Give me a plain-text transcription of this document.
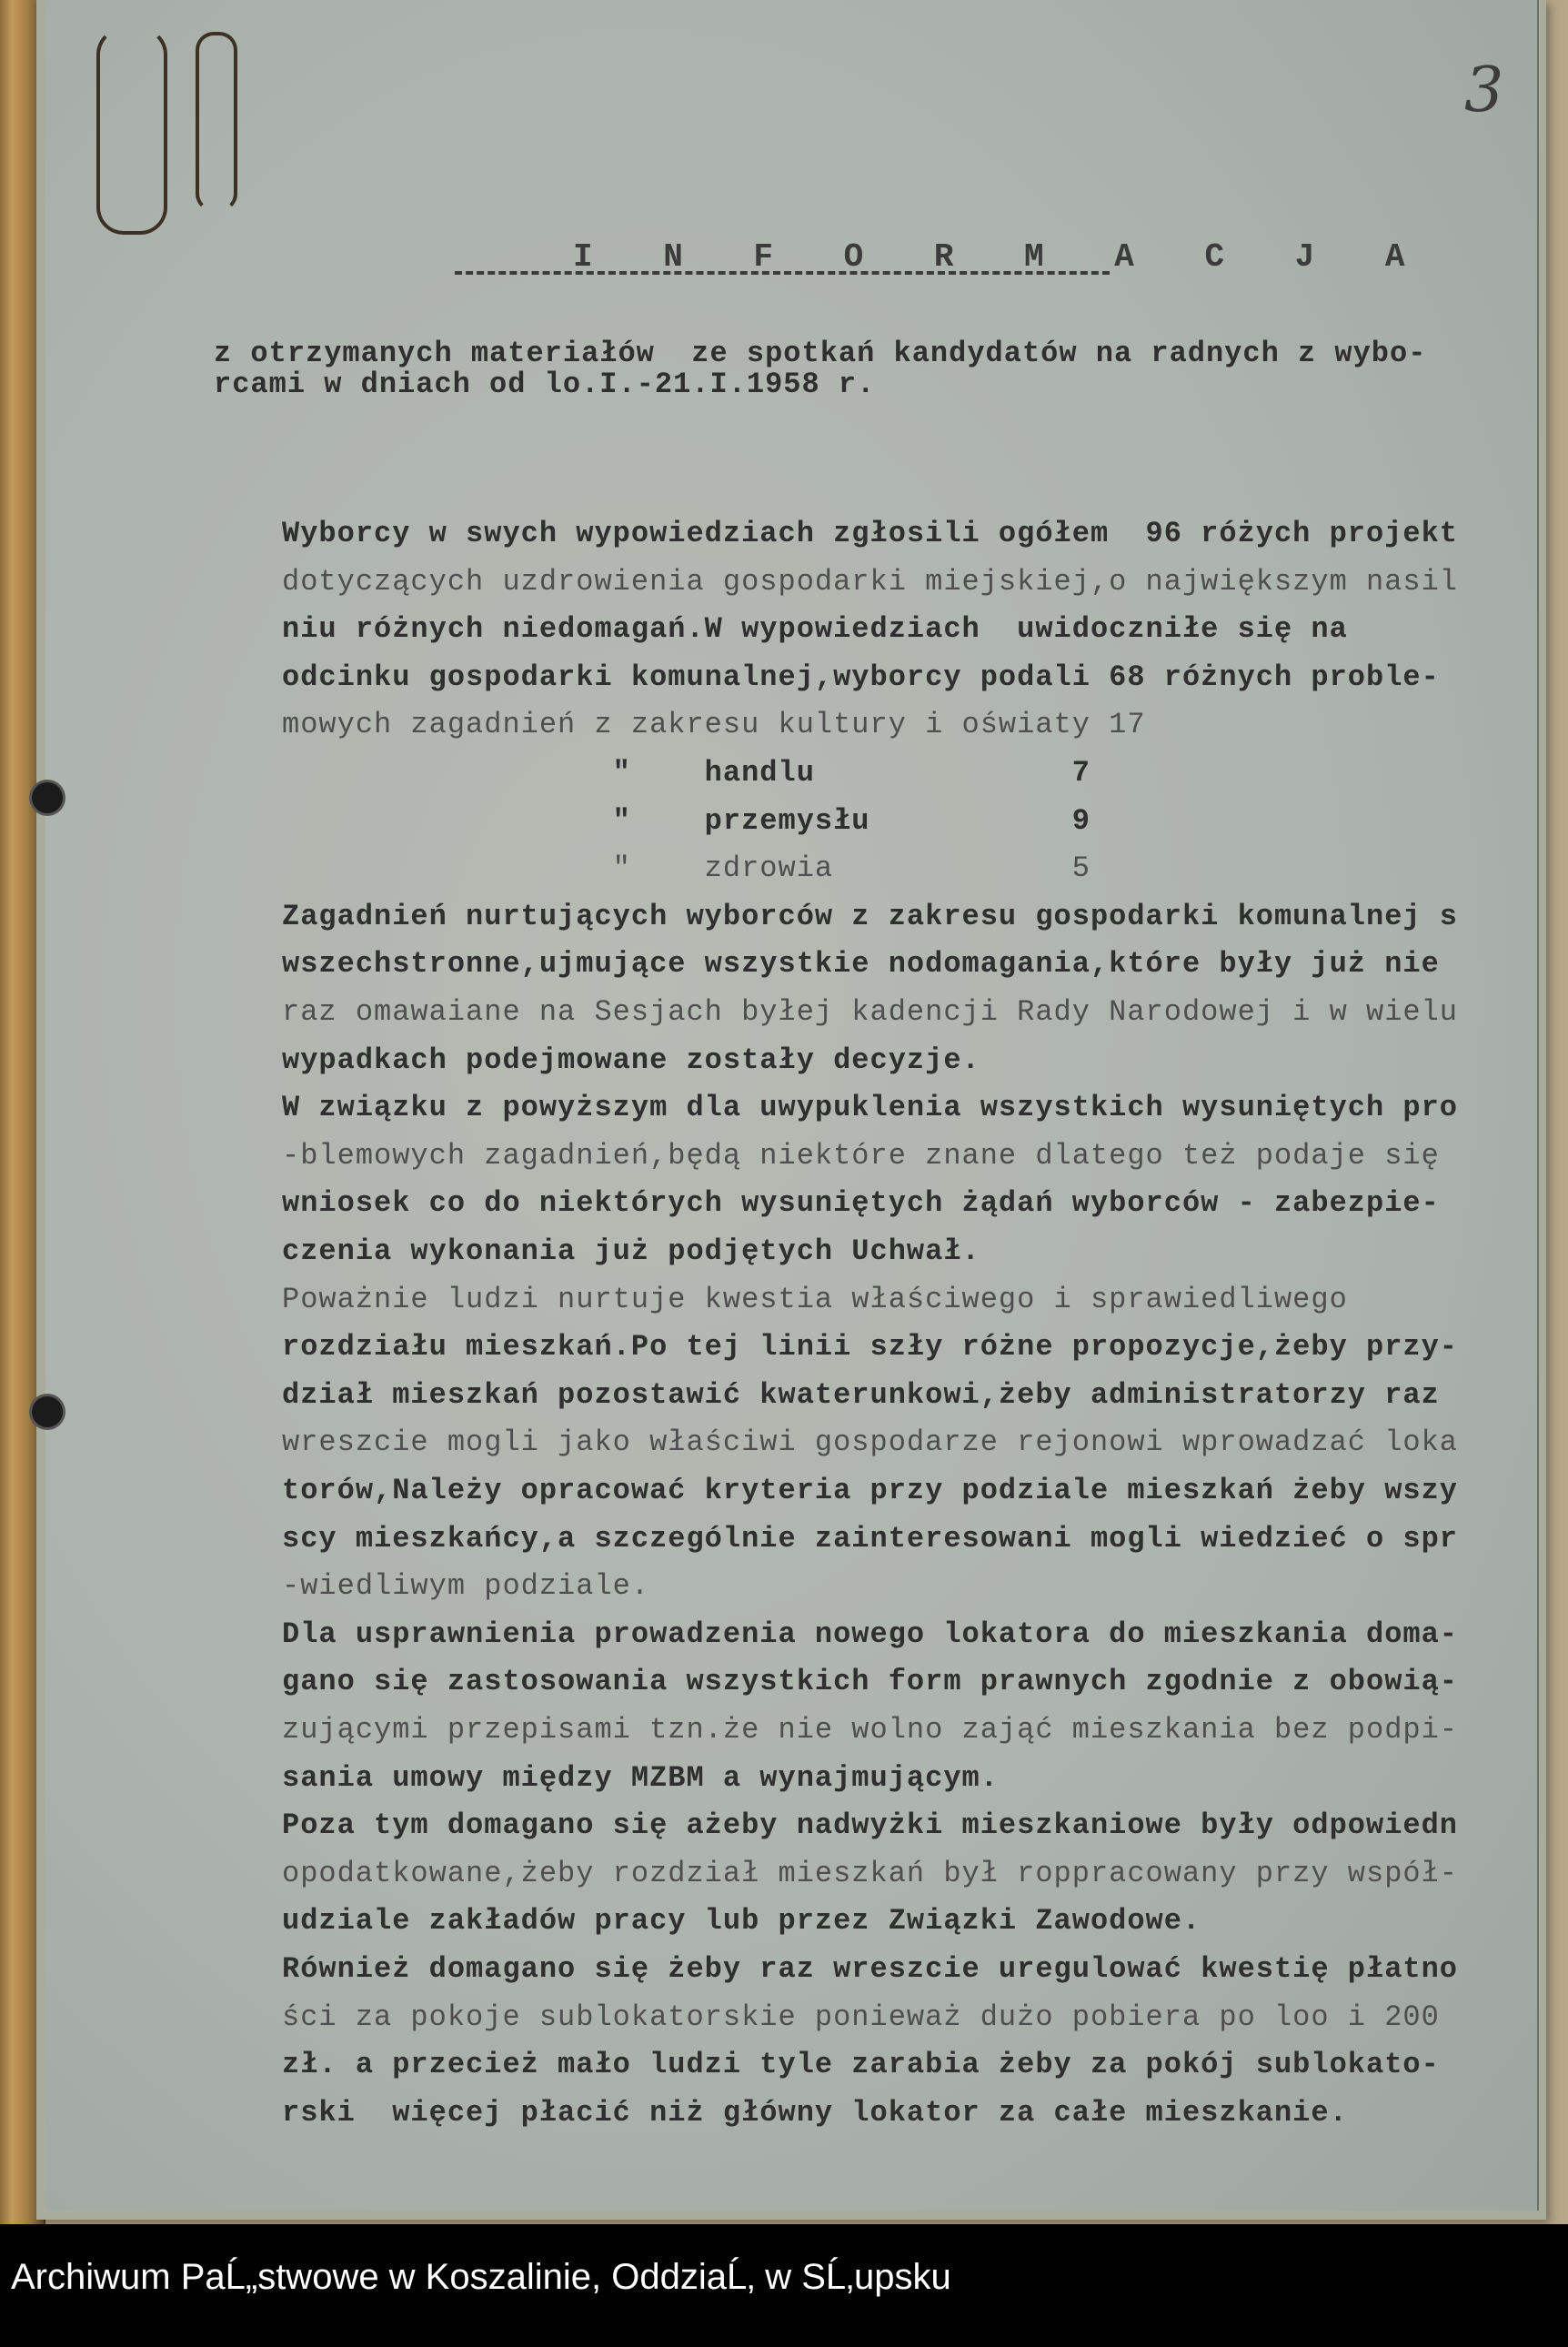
3
I N F O R M A C J A
z otrzymanych materiałów  ze spotkań kandydatów na radnych z wybo-
rcami w dniach od lo.I.-21.I.1958 r.
Wyborcy w swych wypowiedziach zgłosili ogółem  96 różych projekt
dotyczących uzdrowienia gospodarki miejskiej,o największym nasil
niu różnych niedomagań.W wypowiedziach  uwidoczniłe się na
odcinku gospodarki komunalnej,wyborcy podali 68 różnych proble-
mowych zagadnień z zakresu kultury i oświaty 17
"    handlu              7
"    przemysłu           9
"    zdrowia             5
Zagadnień nurtujących wyborców z zakresu gospodarki komunalnej s
wszechstronne,ujmujące wszystkie nodomagania,które były już nie
raz omawaiane na Sesjach byłej kadencji Rady Narodowej i w wielu
wypadkach podejmowane zostały decyzje.
W związku z powyższym dla uwypuklenia wszystkich wysuniętych pro
-blemowych zagadnień,będą niektóre znane dlatego też podaje się
wniosek co do niektórych wysuniętych żądań wyborców - zabezpie-
czenia wykonania już podjętych Uchwał.
Poważnie ludzi nurtuje kwestia właściwego i sprawiedliwego
rozdziału mieszkań.Po tej linii szły różne propozycje,żeby przy-
dział mieszkań pozostawić kwaterunkowi,żeby administratorzy raz
wreszcie mogli jako właściwi gospodarze rejonowi wprowadzać loka
torów,Należy opracować kryteria przy podziale mieszkań żeby wszy
scy mieszkańcy,a szczególnie zainteresowani mogli wiedzieć o spr
-wiedliwym podziale.
Dla usprawnienia prowadzenia nowego lokatora do mieszkania doma-
gano się zastosowania wszystkich form prawnych zgodnie z obowią-
zującymi przepisami tzn.że nie wolno zająć mieszkania bez podpi-
sania umowy między MZBM a wynajmującym.
Poza tym domagano się ażeby nadwyżki mieszkaniowe były odpowiedn
opodatkowane,żeby rozdział mieszkań był roppracowany przy współ-
udziale zakładów pracy lub przez Związki Zawodowe.
Również domagano się żeby raz wreszcie uregulować kwestię płatno
ści za pokoje sublokatorskie ponieważ dużo pobiera po loo i 200
zł. a przecież mało ludzi tyle zarabia żeby za pokój sublokato-
rski  więcej płacić niż główny lokator za całe mieszkanie.
Archiwum PaĹ„stwowe w Koszalinie, OddziaĹ‚ w SĹ‚upsku
